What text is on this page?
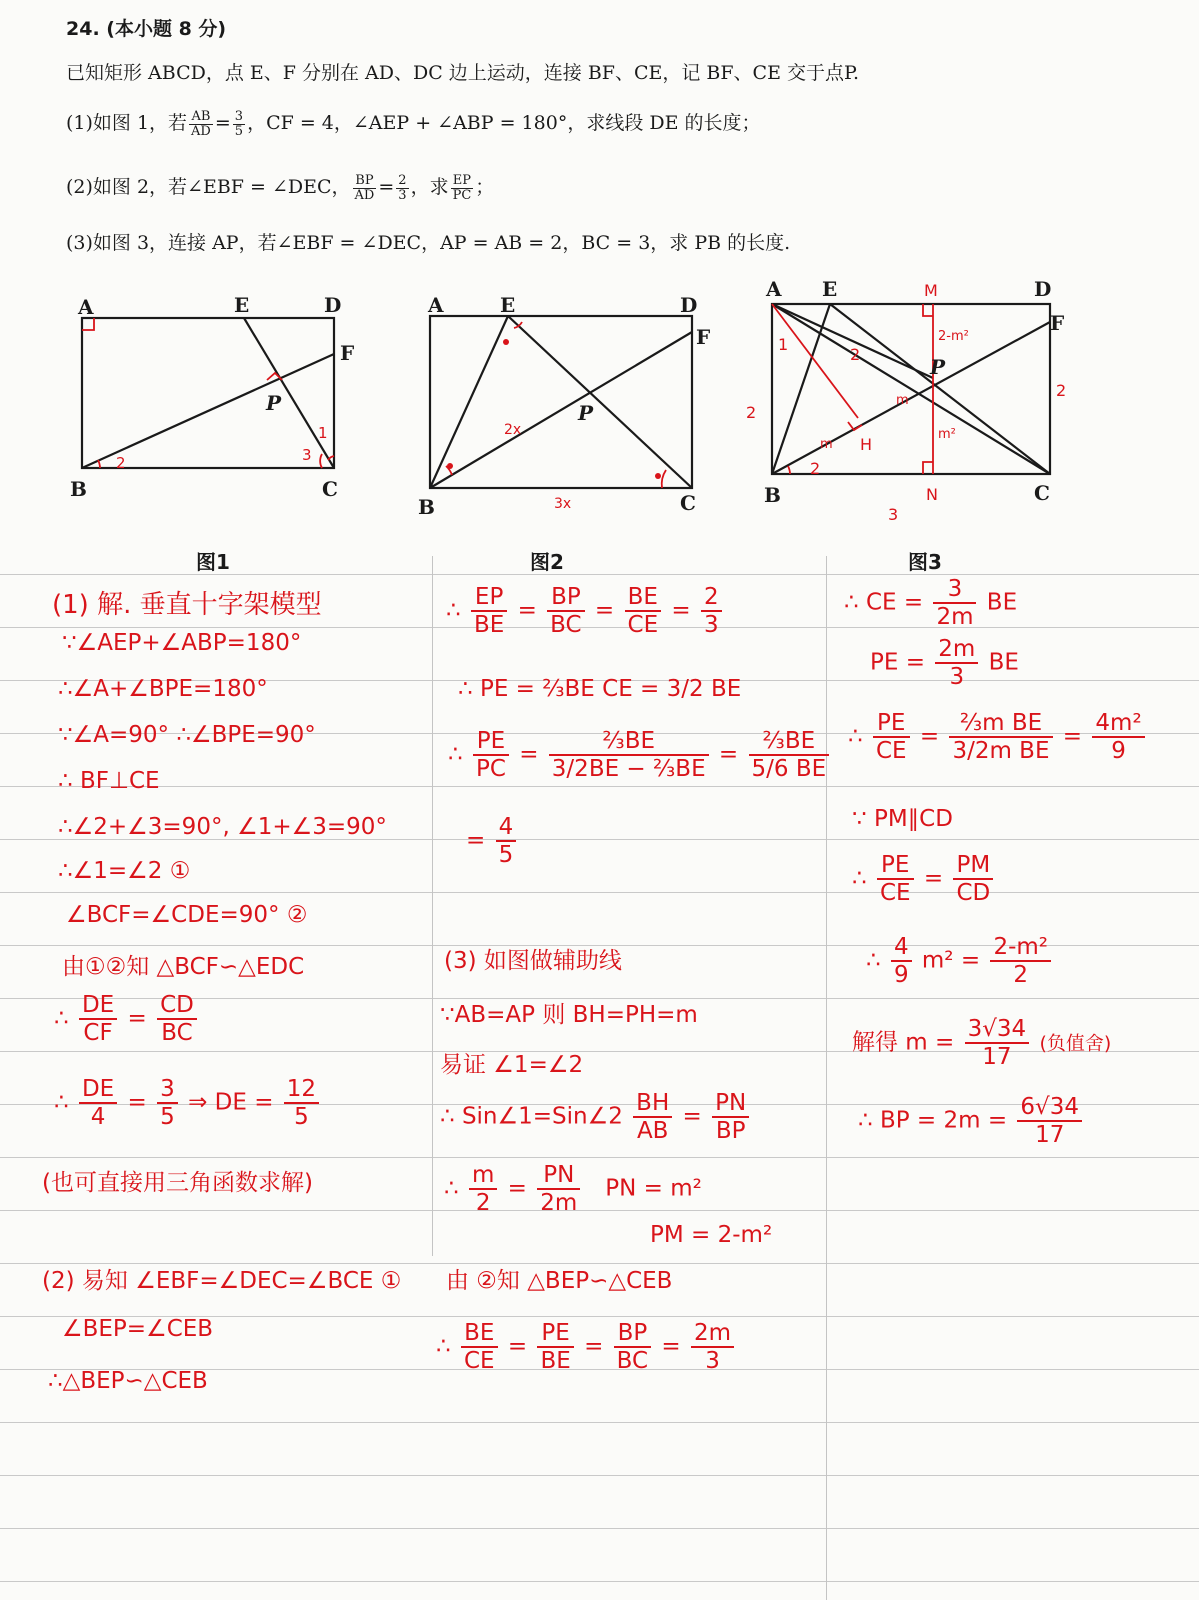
24. (本小题 8 分)
已知矩形 ABCD，点 E、F 分别在 AD、DC 边上运动，连接 BF、CE，记 BF、CE 交于点P.
(1)如图 1，若 $\frac{AB}{AD} = \frac{3}{5}$ ，CF = 4，∠AEP + ∠ABP = 180°，求线段 DE 的长度；
(2)如图 2，若∠EBF = ∠DEC， $\frac{BP}{AD} = \frac{2}{3}$ ，求 $\frac{EP}{PC}$ ；
(3)如图 3，连接 AP，若∠EBF = ∠DEC，AP = AB = 2，BC = 3，求 PB 的长度.
A	E	D
F
P
B	C
2	3
1
A	E	D
F
P
B	C
2x
3x
A E	D
F
P
B	C
M
N
H
1
2
2
2
2
3
2-m²
m²
m
m
图1	图2	图3
(1) 解. 垂直十字架模型
∵∠AEP+∠ABP=180°
∴∠A+∠BPE=180°
∵∠A=90° ∴∠BPE=90°
∴ BF⊥CE
∴∠2+∠3=90°, ∠1+∠3=90°
∴∠1=∠2 ①
∠BCF=∠CDE=90° ②
由①②知 △BCF∽△EDC
∴ $\frac{DE}{CF} = \frac{CD}{BC}$
∴ $\frac{DE}{4} = \frac{3}{5}$ ⇒ DE = $\frac{12}{5}$
(也可直接用三角函数求解)
(2) 易知 ∠EBF=∠DEC=∠BCE ①
∠BEP=∠CEB
∴△BEP∽△CEB
由 ②知 △BEP∽△CEB
∴ $\frac{BE}{CE} = \frac{PE}{BE} = \frac{BP}{BC} = \frac{2m}{3}$
∴ $\frac{EP}{BE} = \frac{BP}{BC} = \frac{BE}{CE} = \frac{2}{3}$
∴ PE = ⅔BE CE = 3/2 BE
∴ $\frac{PE}{PC} = \frac{\text{⅔BE}}{\text{3/2BE − ⅔BE}} = \frac{\text{⅔BE}}{5/6 BE}$
= $\frac{4}{5}$
(3) 如图做辅助线
∵AB=AP 则 BH=PH=m
易证 ∠1=∠2
∴ Sin∠1=Sin∠2 $\frac{BH}{AB} = \frac{PN}{BP}$
∴ $\frac{m}{2} = \frac{PN}{2m}$ PN = m²
PM = 2-m²
∴ CE = $\frac{3}{2m}$ BE
PE = $\frac{2m}{3}$ BE
∴ $\frac{PE}{CE} = \frac{\text{⅔m BE}}{\text{3/2m BE}} = \frac{\text{4m²}}{9}$
∵ PM∥CD
∴ $\frac{PE}{CE} = \frac{PM}{CD}$
∴ $\frac{4}{9} m^2 = \frac{\text{2-m²}}{2}$
解得 $m = \frac{3√34}{17}$ (负值舍)
∴ BP = $2m = \frac{6√34}{17}$
